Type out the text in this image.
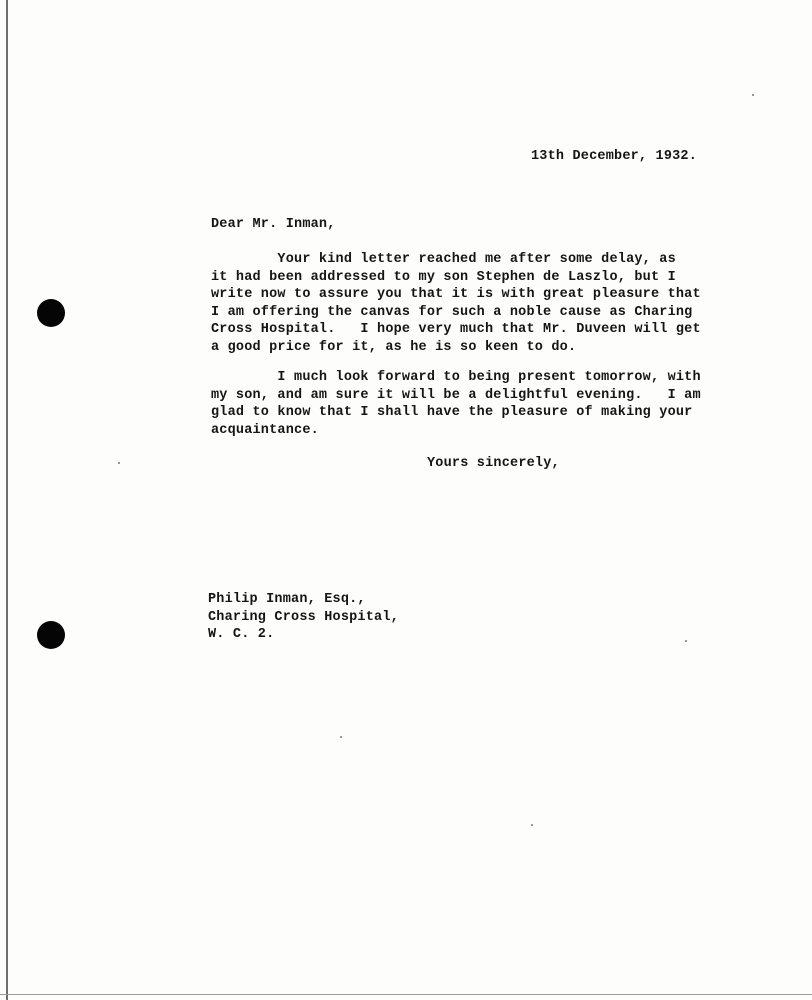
13th December, 1932.
Dear Mr. Inman,
Your kind letter reached me after some delay, as
it had been addressed to my son Stephen de Laszlo, but I
write now to assure you that it is with great pleasure that
I am offering the canvas for such a noble cause as Charing
Cross Hospital.   I hope very much that Mr. Duveen will get
a good price for it, as he is so keen to do.
I much look forward to being present tomorrow, with
my son, and am sure it will be a delightful evening.   I am
glad to know that I shall have the pleasure of making your
acquaintance.
Yours sincerely,
Philip Inman, Esq.,
Charing Cross Hospital,
W. C. 2.
